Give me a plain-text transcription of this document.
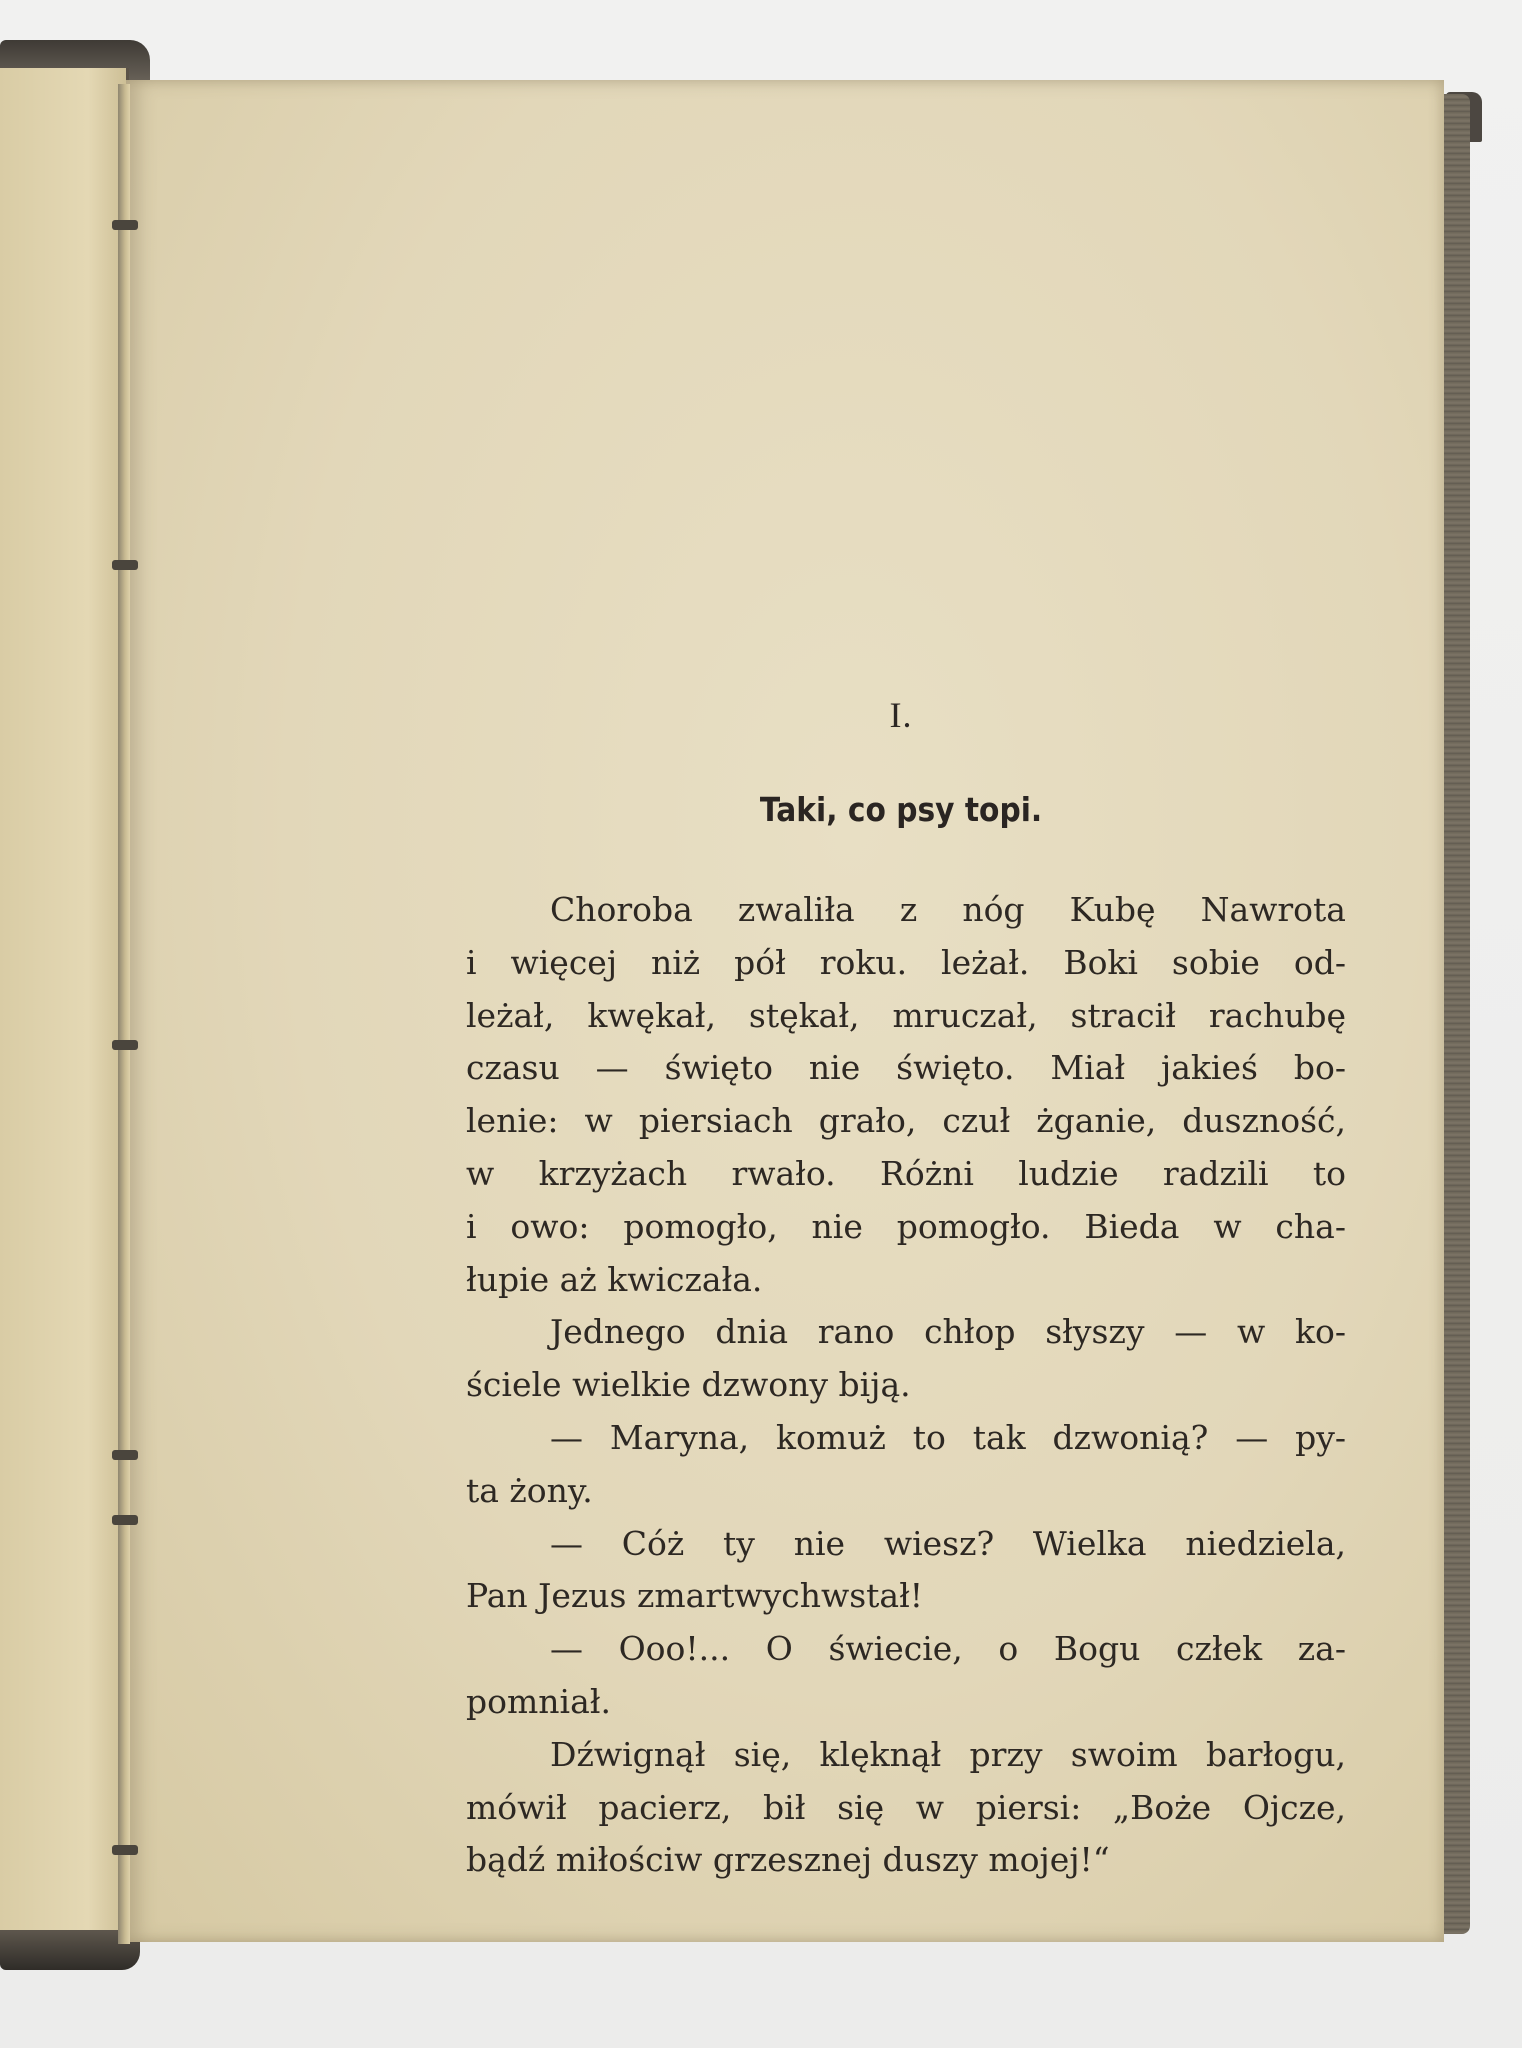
I.
Taki, co psy topi.
Choroba zwaliła z nóg Kubę Nawrota
i więcej niż pół roku. leżał. Boki sobie od-
leżał, kwękał, stękał, mruczał, stracił rachubę
czasu — święto nie święto. Miał jakieś bo-
lenie: w piersiach grało, czuł żganie, duszność,
w krzyżach rwało. Różni ludzie radzili to
i owo: pomogło, nie pomogło. Bieda w cha-
łupie aż kwiczała.
Jednego dnia rano chłop słyszy — w ko-
ściele wielkie dzwony biją.
— Maryna, komuż to tak dzwonią? — py-
ta żony.
— Cóż ty nie wiesz? Wielka niedziela,
Pan Jezus zmartwychwstał!
— Ooo!... O świecie, o Bogu człek za-
pomniał.
Dźwignął się, klęknął przy swoim barłogu,
mówił pacierz, bił się w piersi: „Boże Ojcze,
bądź miłościw grzesznej duszy mojej!“
